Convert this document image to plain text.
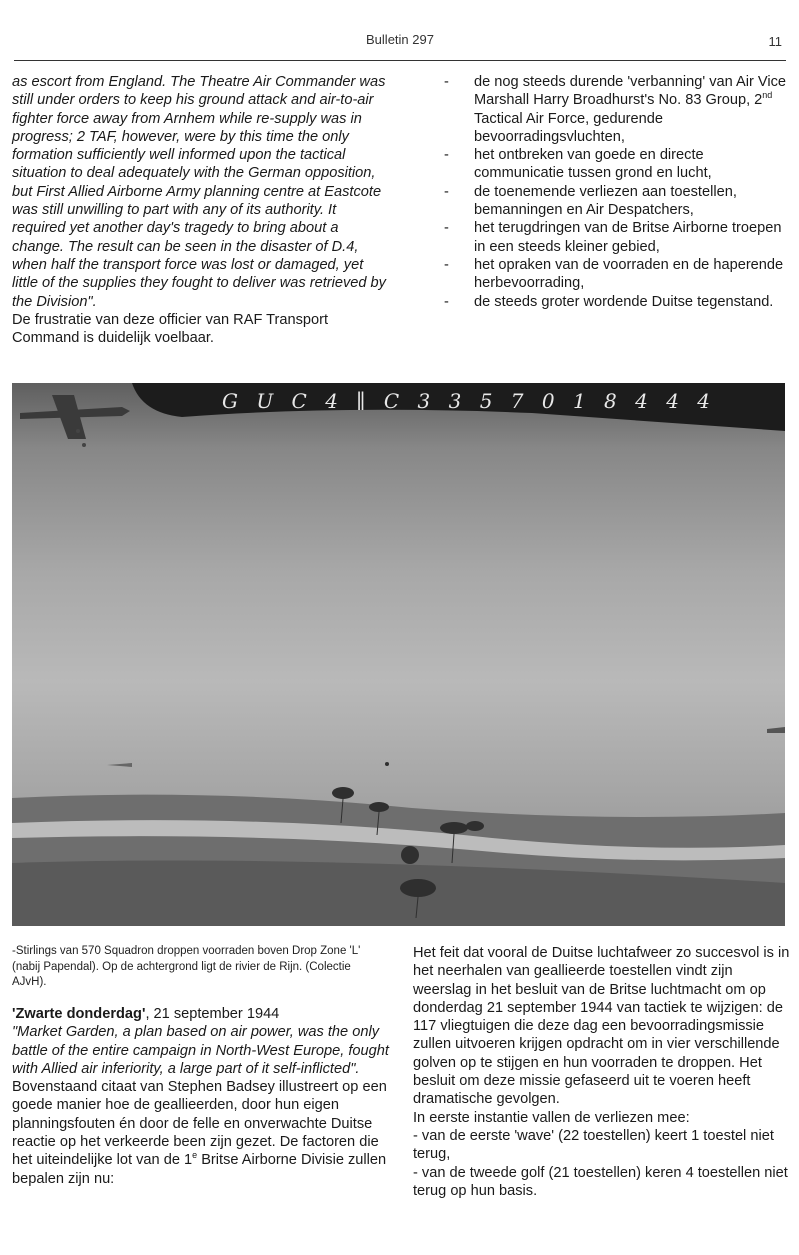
Bulletin 297	11

as escort from England. The Theatre Air Commander was still under orders to keep his ground attack and air-to-air fighter force away from Arnhem while re-supply was in progress; 2 TAF, however, were by this time the only formation sufficiently well informed upon the tactical situation to deal adequately with the German opposition, but First Allied Airborne Army planning centre at Eastcote was still unwilling to part with any of its authority. It required yet another day's tragedy to bring about a change. The result can be seen in the disaster of D.4, when half the transport force was lost or damaged, yet little of the supplies they fought to deliver was retrieved by the Division".

De frustratie van deze officier van RAF Transport Command is duidelijk voelbaar.

- de nog steeds durende 'verbanning' van Air Vice Marshall Harry Broadhurst's No. 83 Group, 2nd Tactical Air Force, gedurende bevoorradingsvluchten,
- het ontbreken van goede en directe communicatie tussen grond en lucht,
- de toenemende verliezen aan toestellen, bemanningen en Air Despatchers,
- het terugdringen van de Britse Airborne troepen in een steeds kleiner gebied,
- het opraken van de voorraden en de haperende herbevoorrading,
- de steeds groter wordende Duitse tegenstand.
G U C 4 ∥ C 3 3 5 7 0 1 8 4 4 4

-Stirlings van 570 Squadron droppen voorraden boven Drop Zone 'L' (nabij Papendal). Op de achtergrond ligt de rivier de Rijn. (Colectie AJvH).

'Zwarte donderdag', 21 september 1944

"Market Garden, a plan based on air power, was the only battle of the entire campaign in North-West Europe, fought with Allied air inferiority, a large part of it self-inflicted".

Bovenstaand citaat van Stephen Badsey illustreert op een goede manier hoe de geallieerden, door hun eigen planningsfouten én door de felle en onverwachte Duitse reactie op het verkeerde been zijn gezet. De factoren die het uiteindelijke lot van de 1e Britse Airborne Divisie zullen bepalen zijn nu:

Het feit dat vooral de Duitse luchtafweer zo succesvol is in het neerhalen van geallieerde toestellen vindt zijn weerslag in het besluit van de Britse luchtmacht om op donderdag 21 september 1944 van tactiek te wijzigen: de 117 vliegtuigen die deze dag een bevoorradingsmissie zullen uitvoeren krijgen opdracht om in vier verschillende golven op te stijgen en hun voorraden te droppen. Het besluit om deze missie gefaseerd uit te voeren heeft dramatische gevolgen.

In eerste instantie vallen de verliezen mee:

- van de eerste 'wave' (22 toestellen) keert 1 toestel niet terug,

- van de tweede golf (21 toestellen) keren 4 toestellen niet terug op hun basis.
